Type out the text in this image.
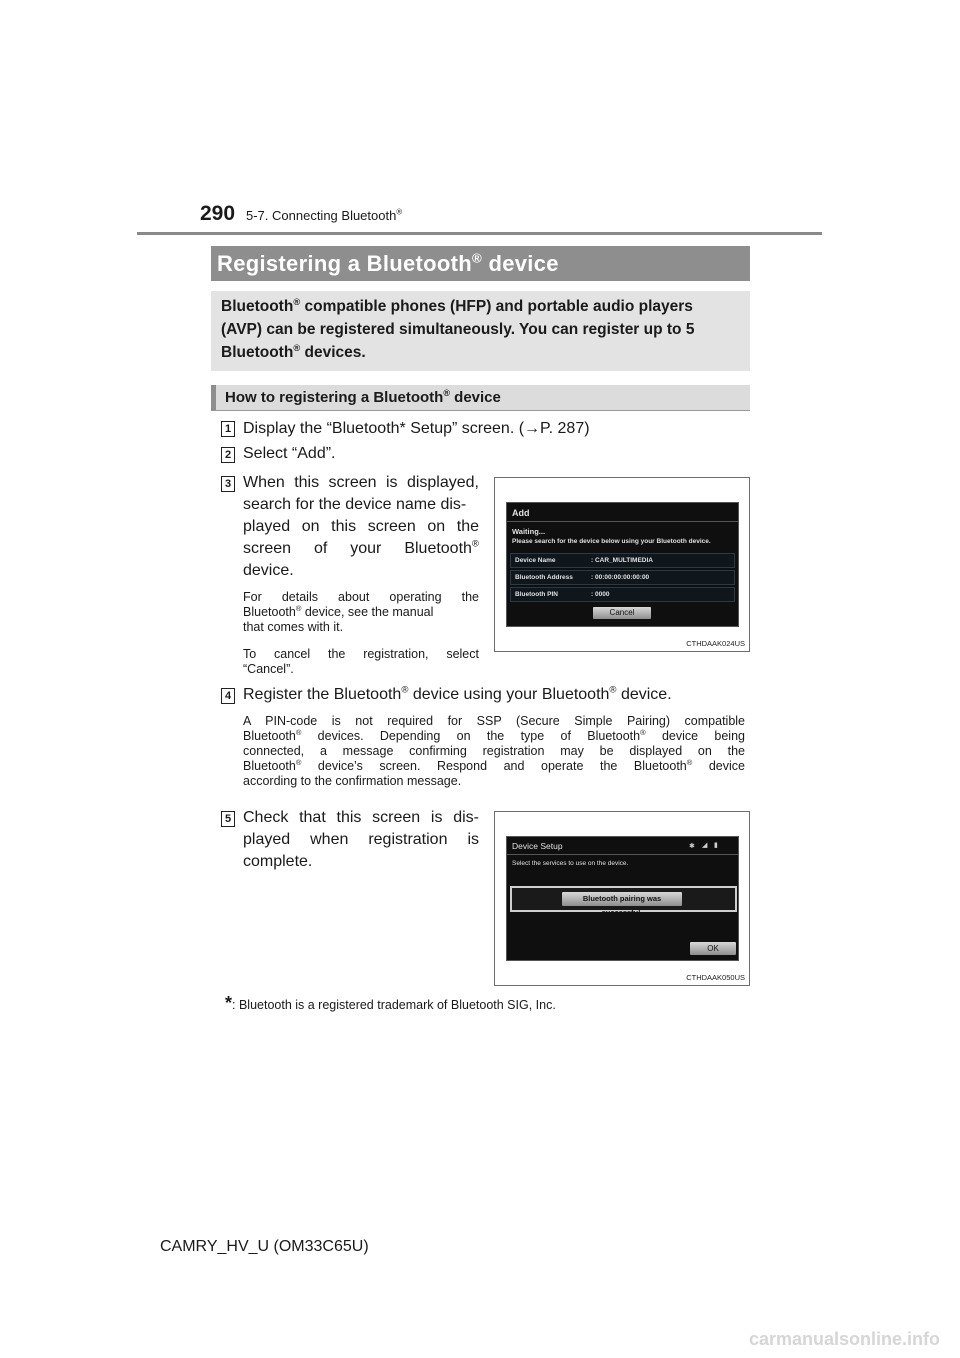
290 5-7. Connecting Bluetooth®
Registering a Bluetooth® device
Bluetooth® compatible phones (HFP) and portable audio players
(AVP) can be registered simultaneously. You can register up to 5
Bluetooth® devices.
How to registering a Bluetooth® device
1 Display the “Bluetooth* Setup” screen. (→P. 287)
2 Select “Add”.
3 When this screen is displayed,
search for the device name dis-
played on this screen on the
screen of your Bluetooth®
device.
For details about operating the
Bluetooth® device, see the manual
that comes with it.
To cancel the registration, select
“Cancel”.
Add
Waiting...
Please search for the device below using your Bluetooth device.
Device Name	: CAR_MULTIMEDIA
Bluetooth Address	: 00:00:00:00:00:00
Bluetooth PIN	: 0000
Cancel
CTHDAAK024US
4 Register the Bluetooth® device using your Bluetooth® device.
A PIN-code is not required for SSP (Secure Simple Pairing) compatible
Bluetooth® devices. Depending on the type of Bluetooth® device being
connected, a message confirming registration may be displayed on the
Bluetooth® device’s screen. Respond and operate the Bluetooth® device
according to the confirmation message.
5 Check that this screen is dis-
played when registration is
complete.
Device Setup	✱ ◢ ▮
Select the services to use on the device.
Bluetooth pairing was successful.
OK
CTHDAAK050US
*: Bluetooth is a registered trademark of Bluetooth SIG, Inc.
CAMRY_HV_U (OM33C65U)
carmanualsonline.info
